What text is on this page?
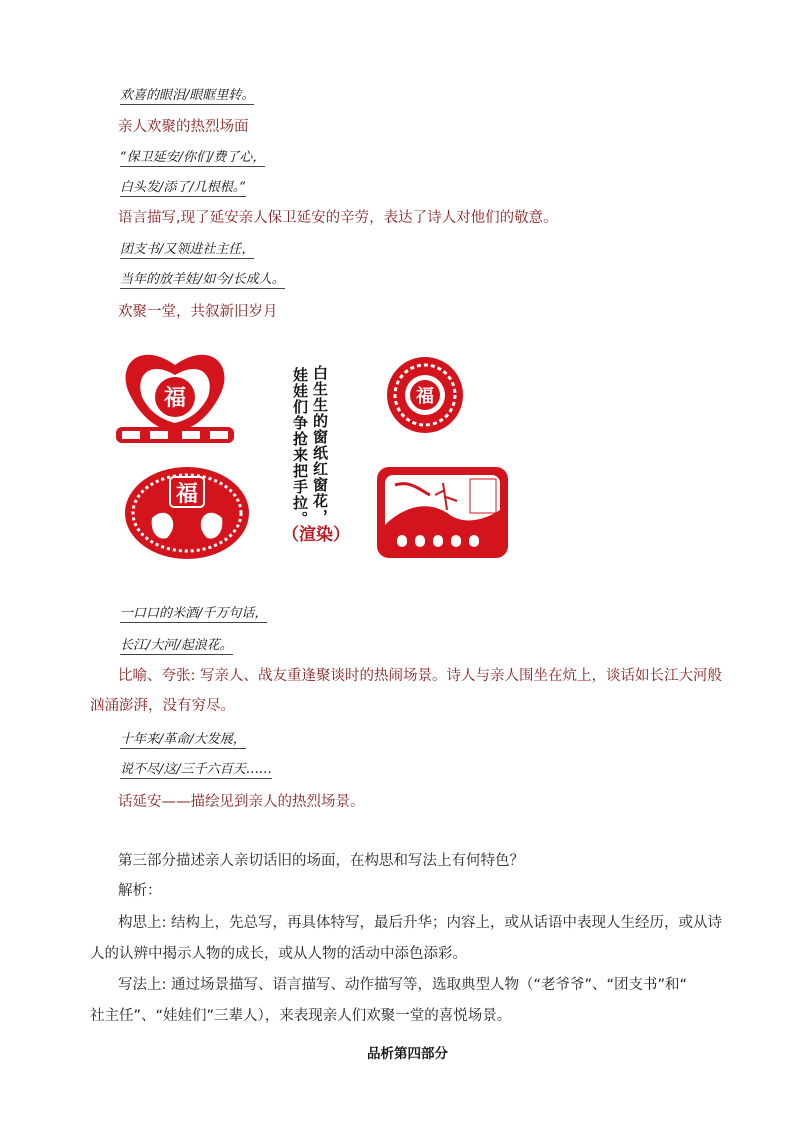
欢喜的眼泪/眼眶里转。
亲人欢聚的热烈场面
“保卫延安/你们/费了心，
白头发/添了/几根根。”
语言描写,现了延安亲人保卫延安的辛劳，表达了诗人对他们的敬意。
团支书/又领进社主任，
当年的放羊娃/如今/长成人。
欢聚一堂，共叙新旧岁月
福
福	白生生的窗纸红窗花，
娃娃们争抢来把手拉。
（渲染）
福
一口口的米酒/千万句话，
长江/大河/起浪花。
比喻、夸张: 写亲人、战友重逢聚谈时的热闹场景。诗人与亲人围坐在炕上，谈话如长江大河般
汹涌澎湃，没有穷尽。
十年来/革命/大发展，
说不尽/这/三千六百天……
话延安——描绘见到亲人的热烈场景。
第三部分描述亲人亲切话旧的场面，在构思和写法上有何特色？
解析：
构思上: 结构上，先总写，再具体特写，最后升华；内容上，或从话语中表现人生经历，或从诗
人的认辨中揭示人物的成长，或从人物的活动中添色添彩。
写法上: 通过场景描写、语言描写、动作描写等，选取典型人物（“老爷爷”、“团支书”和“
社主任”、“娃娃们”三辈人），来表现亲人们欢聚一堂的喜悦场景。
品析第四部分
